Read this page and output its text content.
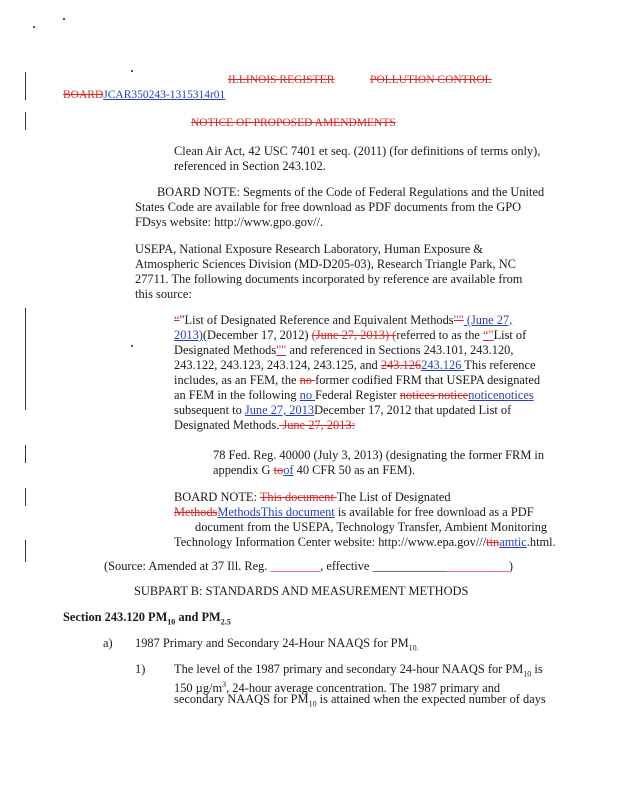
ILLINOIS REGISTER	POLLUTION CONTROL
BOARDJCAR350243-1315314r01
NOTICE OF PROPOSED AMENDMENTS
Clean Air Act, 42 USC 7401 et seq. (2011) (for definitions of terms only),
referenced in Section 243.102.
BOARD NOTE: Segments of the Code of Federal Regulations and the United
States Code are available for free download as PDF documents from the GPO
FDsys website: http://www.gpo.gov//.
USEPA, National Exposure Research Laboratory, Human Exposure &
Atmospheric Sciences Division (MD-D205-03), Research Triangle Park, NC
27711. The following documents incorporated by reference are available from
this source:
“"List of Designated Reference and Equivalent Methods"" (June 27,
2013)(December 17, 2012) (June 27, 2013) (referred to as the “"List of
Designated Methods"" and referenced in Sections 243.101, 243.120,
243.122, 243.123, 243.124, 243.125, and 243.126243.126 This reference
includes, as an FEM, the no former codified FRM that USEPA designated
an FEM in the following no Federal Register notices noticenoticenotices
subsequent to June 27, 2013December 17, 2012 that updated List of
Designated Methods. June 27, 2013:
78 Fed. Reg. 40000 (July 3, 2013) (designating the former FRM in
appendix G toof 40 CFR 50 as an FEM).
BOARD NOTE: This document The List of Designated
MethodsMethodsThis document is available for free download as a PDF
document from the USEPA, Technology Transfer, Ambient Monitoring
Technology Information Center website: http://www.epa.gov///ttnamtic.html.
(Source: Amended at 37 Ill. Reg. ________, effective ______________________)
SUBPART B: STANDARDS AND MEASUREMENT METHODS
Section 243.120 $PM_{10}$ and $PM_{2.5}$
a) 1987 Primary and Secondary 24-Hour NAAQS for $PM_{10.}$
1) The level of the 1987 primary and secondary 24-hour NAAQS for $PM_{10}$ is
150 $\mu g/m^3$, 24-hour average concentration. The 1987 primary and
secondary NAAQS for $PM_{10}$ is attained when the expected number of days
